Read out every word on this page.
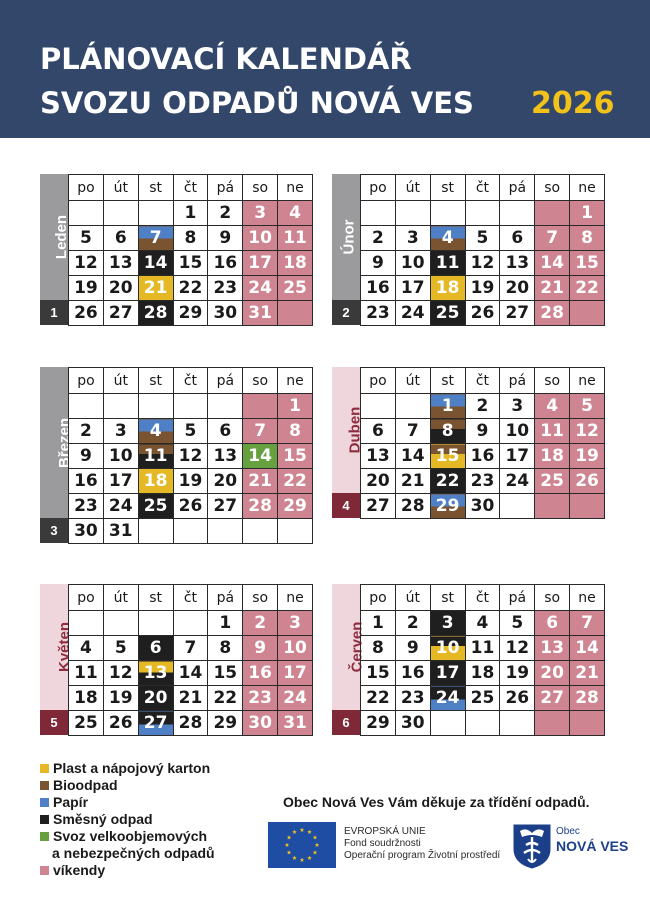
PLÁNOVACÍ KALENDÁŘ
SVOZU ODPADŮ NOVÁ VES 2026
Leden
1
po	út	st	čt	pá	so	ne
			1	2	3	4
5	6	7	8	9	10	11
12	13	14	15	16	17	18
19	20	21	22	23	24	25
26	27	28	29	30	31	
Únor
2
po	út	st	čt	pá	so	ne
						1
2	3	4	5	6	7	8
9	10	11	12	13	14	15
16	17	18	19	20	21	22
23	24	25	26	27	28	
Březen
3
po	út	st	čt	pá	so	ne
						1
2	3	4	5	6	7	8
9	10	11	12	13	14	15
16	17	18	19	20	21	22
23	24	25	26	27	28	29
30	31					
Duben
4
po	út	st	čt	pá	so	ne
		1	2	3	4	5
6	7	8	9	10	11	12
13	14	15	16	17	18	19
20	21	22	23	24	25	26
27	28	29	30			
Květen
5
po	út	st	čt	pá	so	ne
				1	2	3
4	5	6	7	8	9	10
11	12	13	14	15	16	17
18	19	20	21	22	23	24
25	26	27	28	29	30	31
Červen
6
po	út	st	čt	pá	so	ne
1	2	3	4	5	6	7
8	9	10	11	12	13	14
15	16	17	18	19	20	21
22	23	24	25	26	27	28
29	30					
Plast a nápojový karton
Bioodpad
Papír
Směsný odpad
Svoz velkoobjemových
a nebezpečných odpadů
víkendy
Obec Nová Ves Vám děkuje za třídění odpadů.
EVROPSKÁ UNIE
Fond soudržnosti
Operační program Životní prostředí
Obec
NOVÁ VES
